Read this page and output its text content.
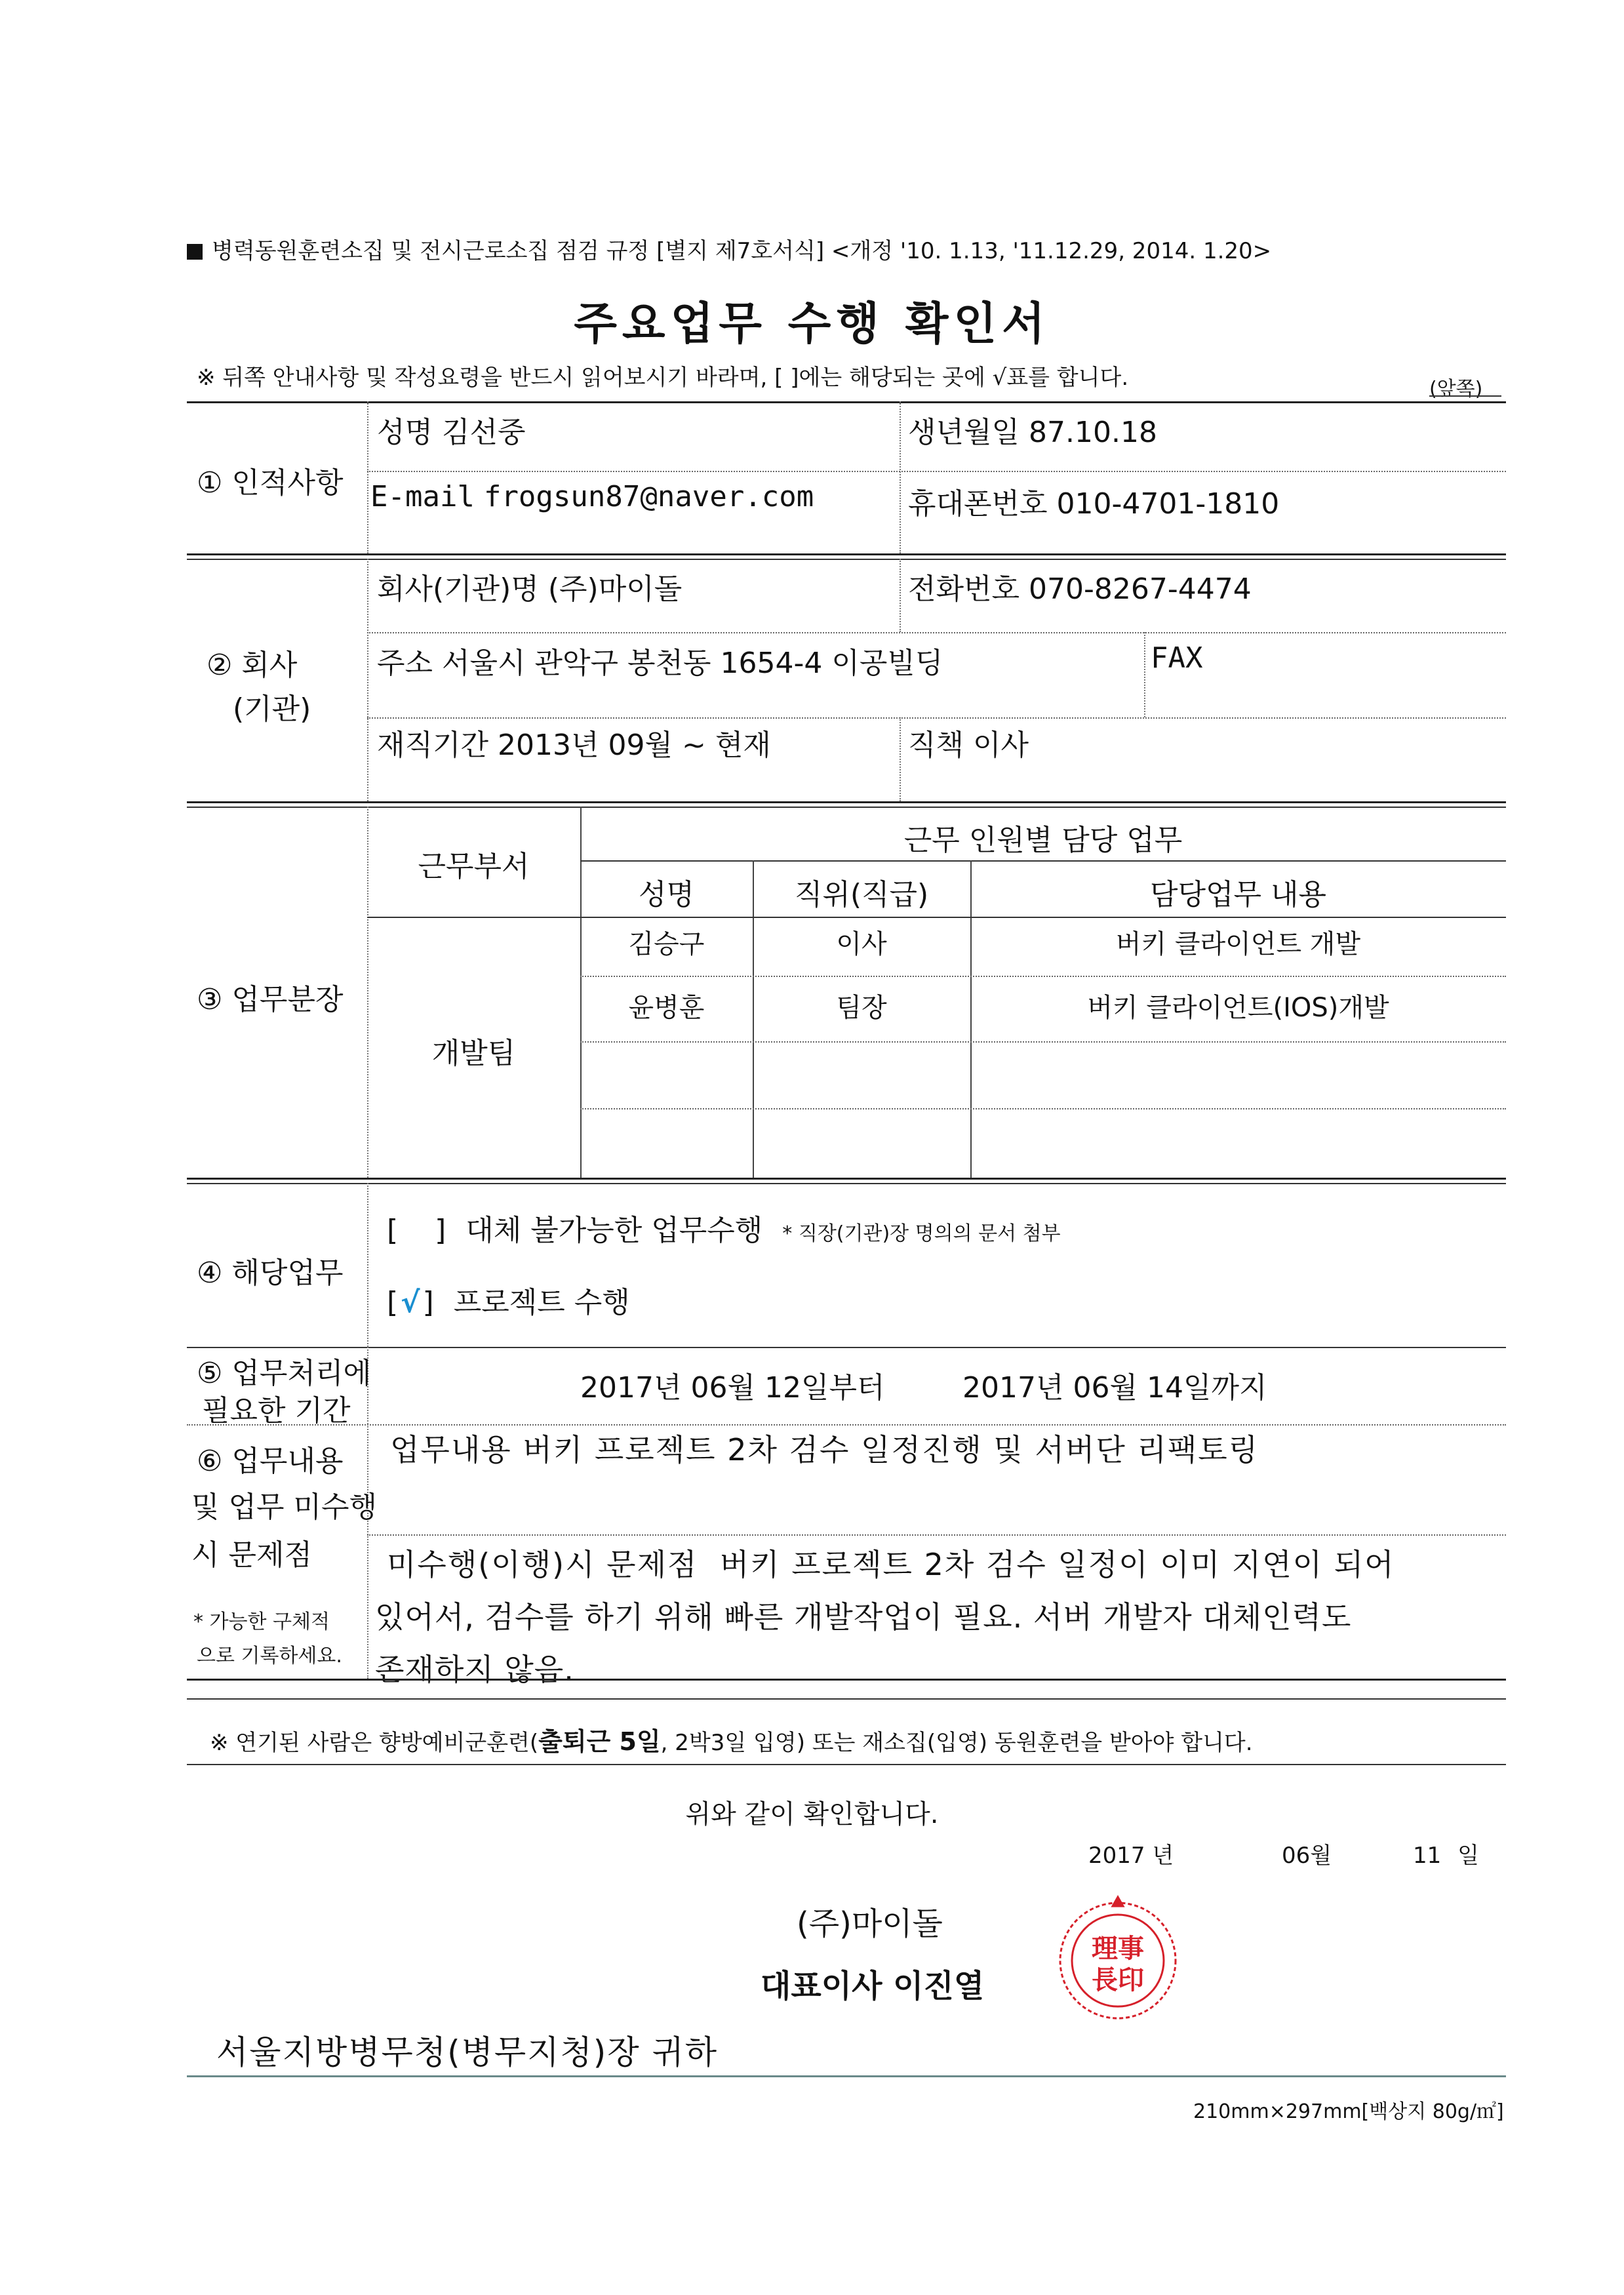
병력동원훈련소집 및 전시근로소집 점검 규정 [별지 제7호서식] <개정 '10. 1.13, '11.12.29, 2014. 1.20>
주요업무 수행 확인서
※ 뒤쪽 안내사항 및 작성요령을 반드시 읽어보시기 바라며, [ ]에는 해당되는 곳에 √표를 합니다.	(앞쪽)
① 인적사항
성명 김선중	생년월일 87.10.18
E-mail frogsun87@naver.com	휴대폰번호 010-4701-1810
② 회사
(기관)
회사(기관)명 (주)마이돌	전화번호 070-8267-4474
주소 서울시 관악구 봉천동 1654-4 이공빌딩	FAX
재직기간 2013년 09월 ~ 현재	직책 이사
③ 업무분장
근무부서
개발팀
근무 인원별 담당 업무
성명	직위(직급)	담당업무 내용
김승구	이사	버키 클라이언트 개발
윤병훈	팀장	버키 클라이언트(IOS)개발
④ 해당업무
[    ] 대체 불가능한 업무수행 * 직장(기관)장 명의의 문서 첨부
[√] 프로젝트 수행
⑤ 업무처리에
필요한 기간
2017년 06월 12일부터	2017년 06월 14일까지
⑥ 업무내용
및 업무 미수행
시 문제점
* 가능한 구체적
으로 기록하세요.
업무내용 버키 프로젝트 2차 검수 일정진행 및 서버단 리팩토링
미수행(이행)시 문제점 버키 프로젝트 2차 검수 일정이 이미 지연이 되어
있어서, 검수를 하기 위해 빠른 개발작업이 필요. 서버 개발자 대체인력도
존재하지 않음.
※ 연기된 사람은 향방예비군훈련(출퇴근 5일, 2박3일 입영) 또는 재소집(입영) 동원훈련을 받아야 합니다.
위와 같이 확인합니다.
2017 년	06월	11 일
(주)마이돌
대표이사 이진열
理事
長印
서울지방병무청(병무지청)장 귀하
210mm×297mm[백상지 80g/㎡]
